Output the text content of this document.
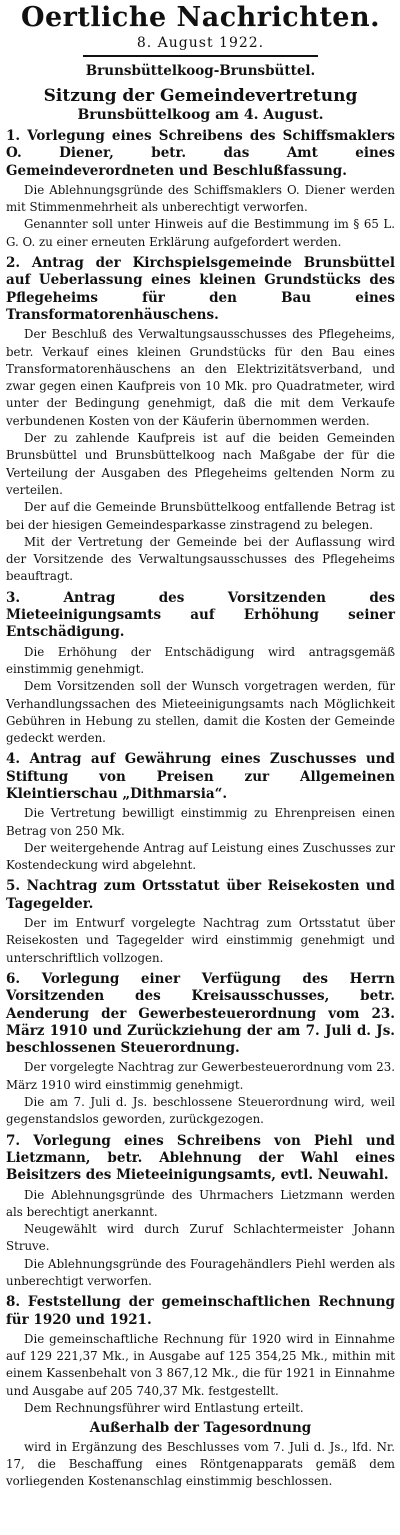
Oertliche Nachrichten.
8. August 1922.
Brunsbüttelkoog-Brunsbüttel.
Sitzung der Gemeindevertretung
Brunsbüttelkoog am 4. August.
1. Vorlegung eines Schreibens des Schiffsmaklers O. Diener, betr. das Amt eines Gemeindeverordneten und Beschlußfassung.

Die Ablehnungsgründe des Schiffsmaklers O. Diener werden mit Stimmenmehrheit als unberechtigt verworfen.

Genannter soll unter Hinweis auf die Bestimmung im § 65 L. G. O. zu einer erneuten Erklärung aufgefordert werden.

2. Antrag der Kirchspielsgemeinde Brunsbüttel auf Ueberlassung eines kleinen Grundstücks des Pflegeheims für den Bau eines Transformatorenhäuschens.

Der Beschluß des Verwaltungsausschusses des Pflegeheims, betr. Verkauf eines kleinen Grundstücks für den Bau eines Transformatorenhäuschens an den Elektrizitätsverband, und zwar gegen einen Kaufpreis von 10 Mk. pro Quadratmeter, wird unter der Bedingung genehmigt, daß die mit dem Verkaufe verbundenen Kosten von der Käuferin übernommen werden.

Der zu zahlende Kaufpreis ist auf die beiden Gemeinden Brunsbüttel und Brunsbüttelkoog nach Maßgabe der für die Verteilung der Ausgaben des Pflegeheims geltenden Norm zu verteilen.

Der auf die Gemeinde Brunsbüttelkoog entfallende Betrag ist bei der hiesigen Gemeindesparkasse zinstragend zu belegen.

Mit der Vertretung der Gemeinde bei der Auflassung wird der Vorsitzende des Verwaltungsausschusses des Pflegeheims beauftragt.

3. Antrag des Vorsitzenden des Mieteeinigungsamts auf Erhöhung seiner Entschädigung.

Die Erhöhung der Entschädigung wird antragsgemäß einstimmig genehmigt.

Dem Vorsitzenden soll der Wunsch vorgetragen werden, für Verhandlungssachen des Mieteeinigungsamts nach Möglichkeit Gebühren in Hebung zu stellen, damit die Kosten der Gemeinde gedeckt werden.

4. Antrag auf Gewährung eines Zuschusses und Stiftung von Preisen zur Allgemeinen Kleintierschau „Dithmarsia“.

Die Vertretung bewilligt einstimmig zu Ehrenpreisen einen Betrag von 250 Mk.

Der weitergehende Antrag auf Leistung eines Zuschusses zur Kostendeckung wird abgelehnt.

5. Nachtrag zum Ortsstatut über Reisekosten und Tagegelder.

Der im Entwurf vorgelegte Nachtrag zum Ortsstatut über Reisekosten und Tagegelder wird einstimmig genehmigt und unterschriftlich vollzogen.

6. Vorlegung einer Verfügung des Herrn Vorsitzenden des Kreisausschusses, betr. Aenderung der Gewerbesteuerordnung vom 23. März 1910 und Zurückziehung der am 7. Juli d. Js. beschlossenen Steuerordnung.

Der vorgelegte Nachtrag zur Gewerbesteuerordnung vom 23. März 1910 wird einstimmig genehmigt.

Die am 7. Juli d. Js. beschlossene Steuerordnung wird, weil gegenstandslos geworden, zurückgezogen.

7. Vorlegung eines Schreibens von Piehl und Lietzmann, betr. Ablehnung der Wahl eines Beisitzers des Mieteeinigungsamts, evtl. Neuwahl.

Die Ablehnungsgründe des Uhrmachers Lietzmann werden als berechtigt anerkannt.

Neugewählt wird durch Zuruf Schlachtermeister Johann Struve.

Die Ablehnungsgründe des Fouragehändlers Piehl werden als unberechtigt verworfen.

8. Feststellung der gemeinschaftlichen Rechnung für 1920 und 1921.

Die gemeinschaftliche Rechnung für 1920 wird in Einnahme auf 129 221,37 Mk., in Ausgabe auf 125 354,25 Mk., mithin mit einem Kassenbehalt von 3 867,12 Mk., die für 1921 in Einnahme und Ausgabe auf 205 740,37 Mk. festgestellt.

Dem Rechnungsführer wird Entlastung erteilt.

Außerhalb der Tagesordnung

wird in Ergänzung des Beschlusses vom 7. Juli d. Js., lfd. Nr. 17, die Beschaffung eines Röntgenapparats gemäß dem vorliegenden Kostenanschlag einstimmig beschlossen.
